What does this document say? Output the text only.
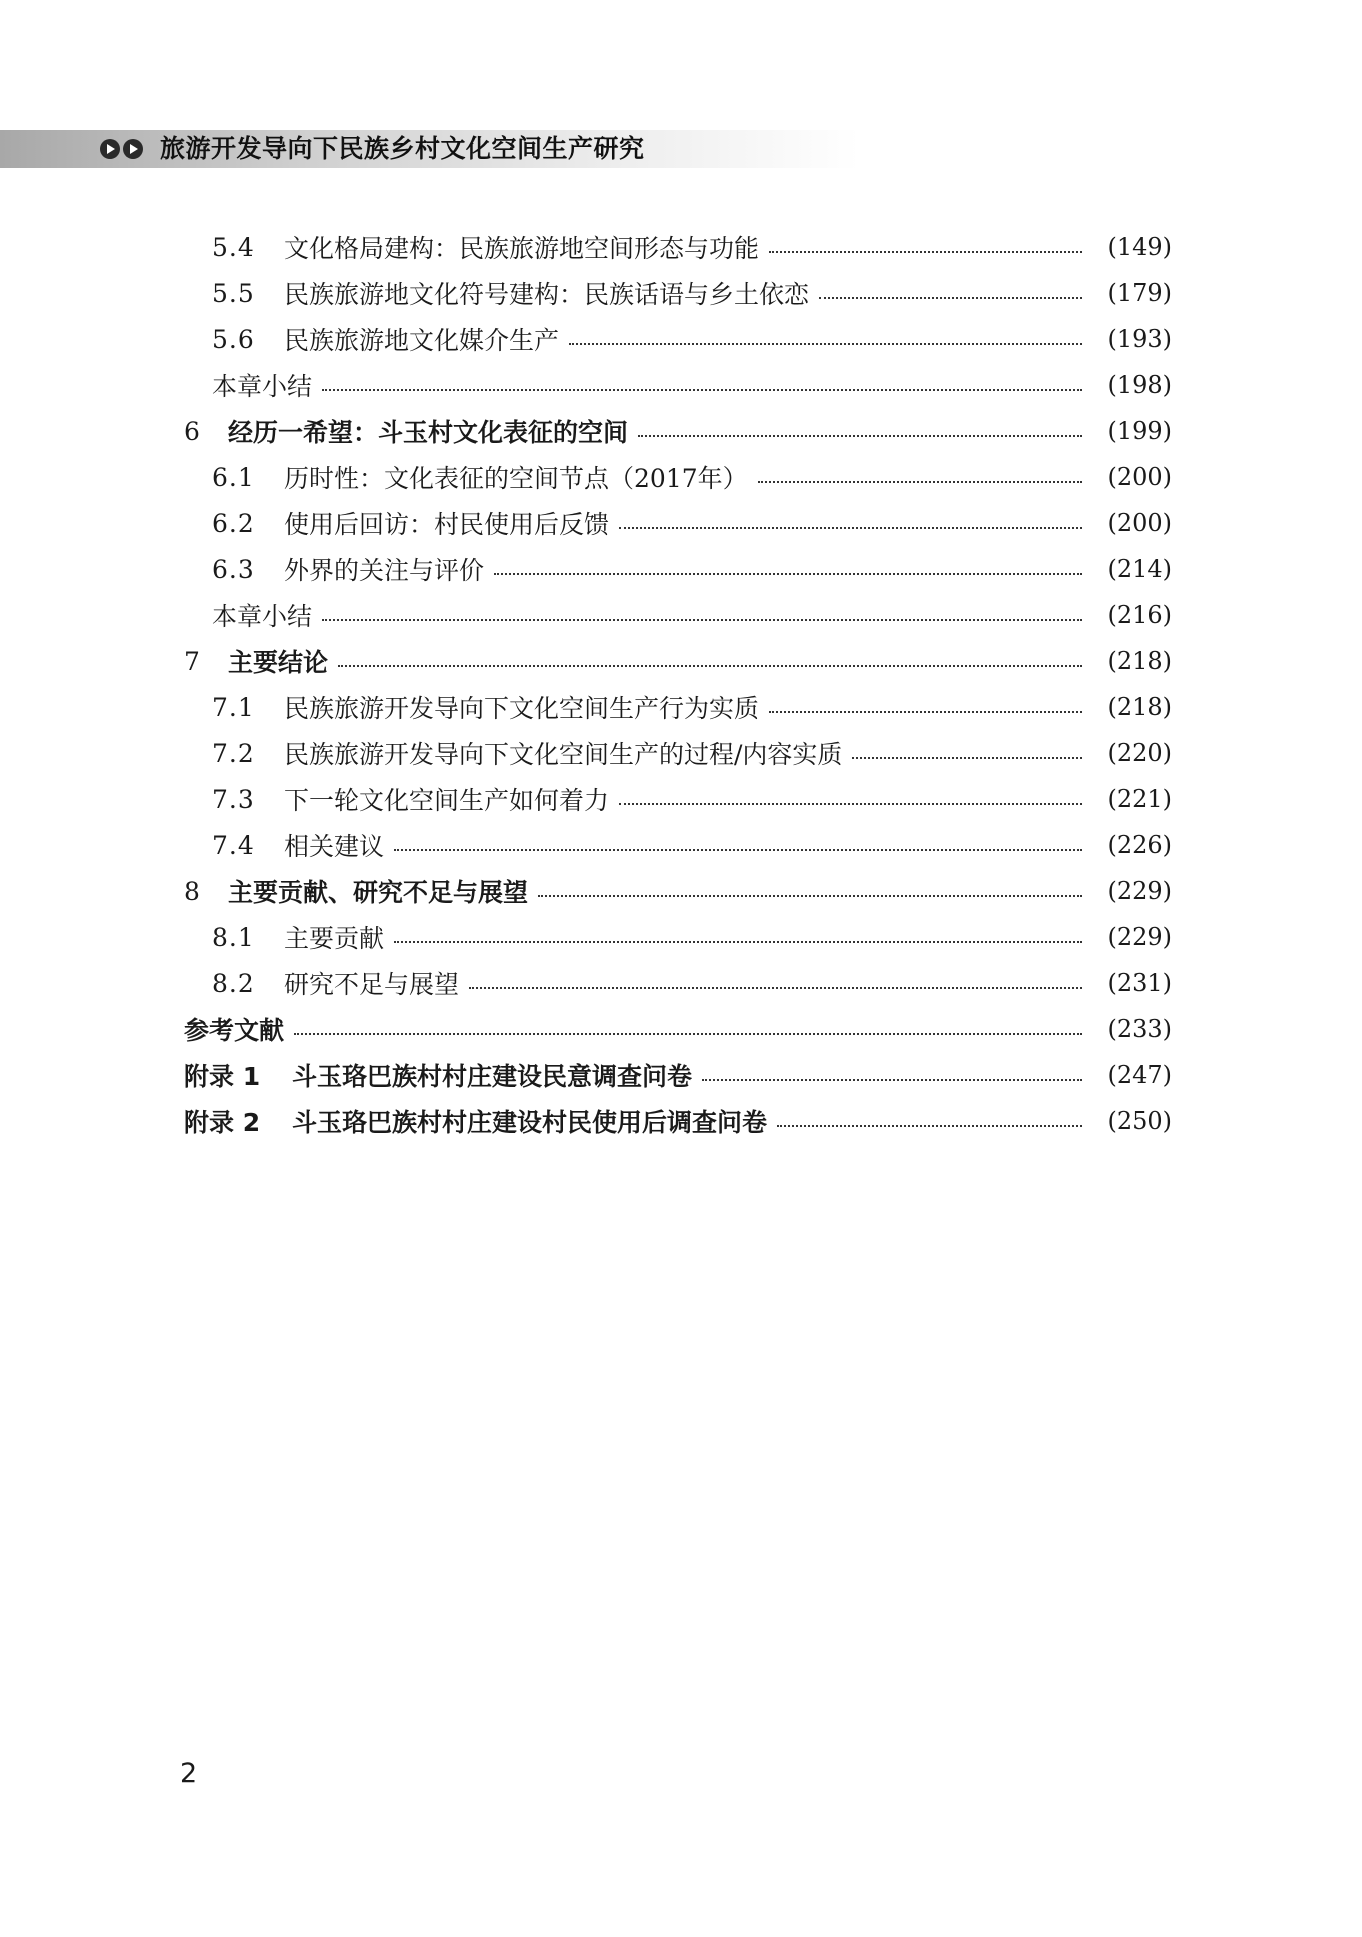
旅游开发导向下民族乡村文化空间生产研究
5.4	文化格局建构：民族旅游地空间形态与功能	(149)
5.5	民族旅游地文化符号建构：民族话语与乡土依恋	(179)
5.6	民族旅游地文化媒介生产	(193)
本章小结	(198)
6	经历一希望：斗玉村文化表征的空间	(199)
6.1	历时性：文化表征的空间节点（2017年）	(200)
6.2	使用后回访：村民使用后反馈	(200)
6.3	外界的关注与评价	(214)
本章小结	(216)
7	主要结论	(218)
7.1	民族旅游开发导向下文化空间生产行为实质	(218)
7.2	民族旅游开发导向下文化空间生产的过程/内容实质	(220)
7.3	下一轮文化空间生产如何着力	(221)
7.4	相关建议	(226)
8	主要贡献、研究不足与展望	(229)
8.1	主要贡献	(229)
8.2	研究不足与展望	(231)
参考文献	(233)
附录 1	斗玉珞巴族村村庄建设民意调查问卷	(247)
附录 2	斗玉珞巴族村村庄建设村民使用后调查问卷	(250)
2
